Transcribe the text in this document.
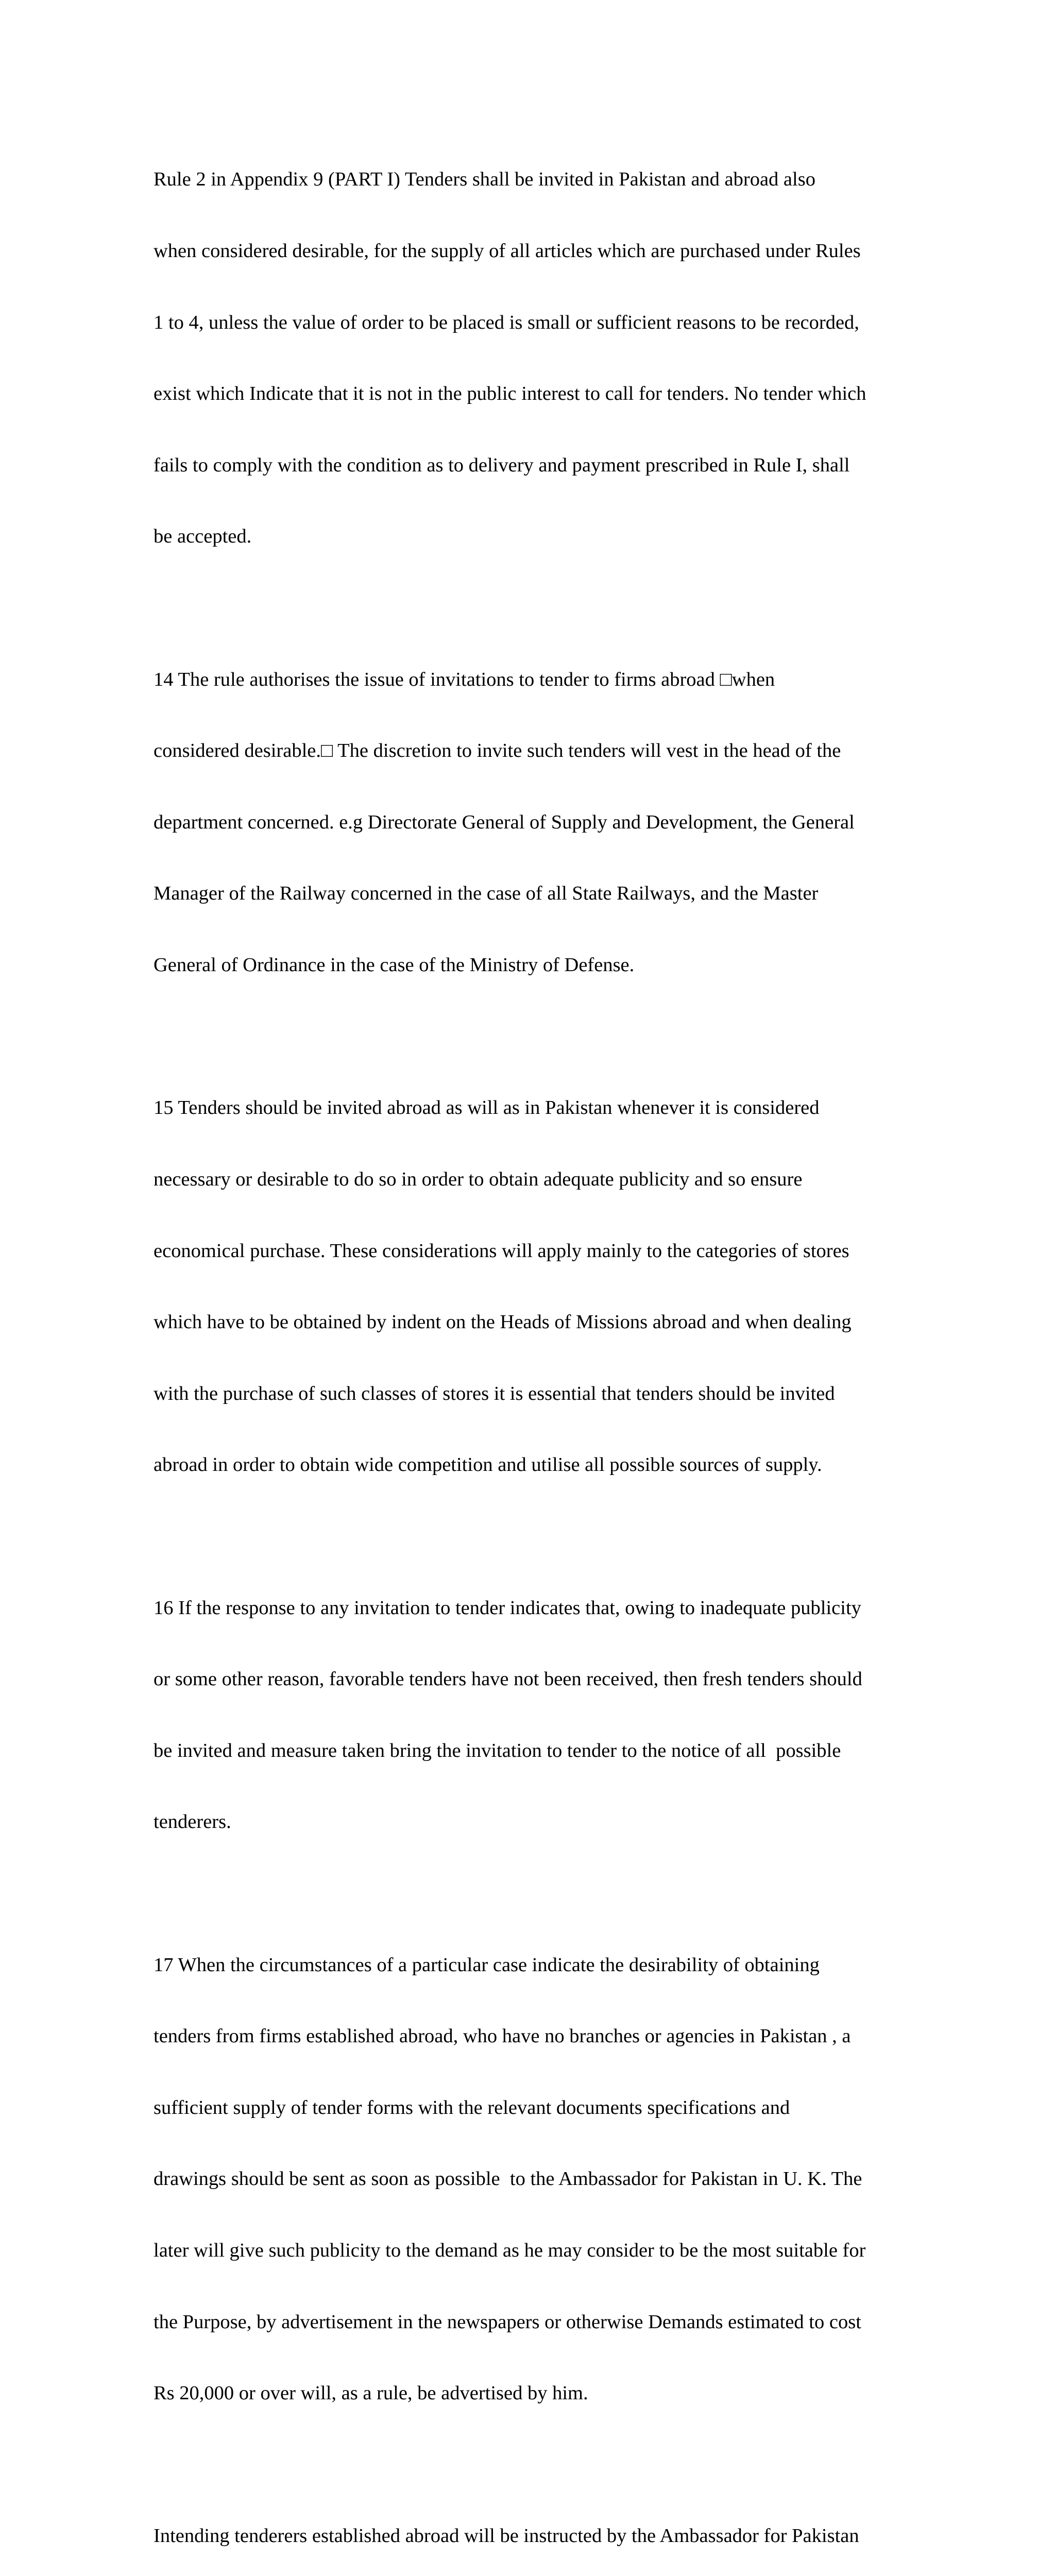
Rule 2 in Appendix 9 (PART I) Tenders shall be invited in Pakistan and abroad also

when considered desirable, for the supply of all articles which are purchased under Rules

1 to 4, unless the value of order to be placed is small or sufficient reasons to be recorded,

exist which Indicate that it is not in the public interest to call for tenders. No tender which

fails to comply with the condition as to delivery and payment prescribed in Rule I, shall

be accepted.

14 The rule authorises the issue of invitations to tender to firms abroad □when

considered desirable.□ The discretion to invite such tenders will vest in the head of the

department concerned. e.g Directorate General of Supply and Development, the General

Manager of the Railway concerned in the case of all State Railways, and the Master

General of Ordinance in the case of the Ministry of Defense.

15 Tenders should be invited abroad as will as in Pakistan whenever it is considered

necessary or desirable to do so in order to obtain adequate publicity and so ensure

economical purchase. These considerations will apply mainly to the categories of stores

which have to be obtained by indent on the Heads of Missions abroad and when dealing

with the purchase of such classes of stores it is essential that tenders should be invited

abroad in order to obtain wide competition and utilise all possible sources of supply.

16 If the response to any invitation to tender indicates that, owing to inadequate publicity

or some other reason, favorable tenders have not been received, then fresh tenders should

be invited and measure taken bring the invitation to tender to the notice of all  possible

tenderers.

17 When the circumstances of a particular case indicate the desirability of obtaining

tenders from firms established abroad, who have no branches or agencies in Pakistan , a

sufficient supply of tender forms with the relevant documents specifications and

drawings should be sent as soon as possible  to the Ambassador for Pakistan in U. K. The

later will give such publicity to the demand as he may consider to be the most suitable for

the Purpose, by advertisement in the newspapers or otherwise Demands estimated to cost

Rs 20,000 or over will, as a rule, be advertised by him.

Intending tenderers established abroad will be instructed by the Ambassador for Pakistan
